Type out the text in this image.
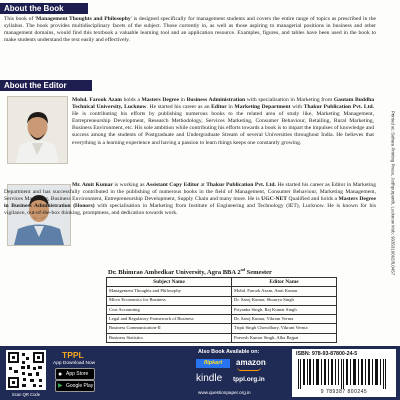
About the Book

This book of 'Management Thoughts and Philosophy' is designed specifically for management students and covers the entire range of topics as prescribed in the syllabus. The book provides multidisciplinary facets of the subject. Those currently in, as well as those aspiring to managerial positions in business and other management domains, would find this textbook a valuable learning tool and an application resource. Examples, figures, and tables have been used in the book to make students understand the text easily and effectively.

About the Editor

Mohd. Farook Azam holds a Masters Degree in Business Administration with specialisation in Marketing from Gautam Buddha Technical University, Lucknow. He started his career as an Editor in Marketing Department with Thakur Publication Pvt. Ltd. He is contributing his efforts by publishing numerous books to the related area of study like, Marketing Management, Entrepreneurship Development, Research Methodology, Services Marketing, Consumer Behaviour, Retailing, Rural Marketing, Business Environment, etc. His sole ambition while contributing his efforts towards a book is to impart the impulses of knowledge and success among the students of Postgraduate and Undergraduate Stream of several Universities throughout India. He believes that everything is a learning experience and having a passion to learn things keeps one constantly growing.

Mr. Amit Kumar is working as Assistant Copy Editor at Thakur Publication Pvt. Ltd. He started his career as Editor in Marketing Department and has successfully contributed in the publishing of numerous books in the field of Management, Consumer Behaviour, Marketing Management, Services Marketing, Business Environment, Entrepreneurship Development, Supply Chain and many more. He is UGC-NET Qualified and holds a Masters Degree in Business Administration (Honors) with specialisation in Marketing from Institute of Engineering and Technology (IET), Lucknow. He is known for his vigilance, out-of-the-box thinking, promptness, and dedication towards work.	Printed at: Sahara Printing Press, Jodhpurpanth, Lucknow Mob: 9335316062/8,0457
Dr. Bhimrao Ambedkar University, Agra BBA 2nd Semester
Subject Name	Editor Name
Management Thoughts and Philosophy	Mohd. Farook Azam, Amit Kumar
Micro Economics for Business	Dr. Saroj Kumar, Shourya Singh
Cost Accounting	Priyanka Singh, Raj Kumar Singh
Legal and Regulatory Framework of Business	Dr. Saroj Kumar, Vikram Verma
Business Communication-II	Tripti Singh Chowdhary, Vikrant Verma
Business Statistics	Pravesh Kumar Singh, Alka Bajpai
Scan QR Code
TPPL
App Download Now
● App Store
▶ Google Play
Also Book Available on:
flipkart	amazon
kindle tppl.org.in
www.questionpaper.org.in
ISBN: 978-93-87800-24-5
9 789387 800245
